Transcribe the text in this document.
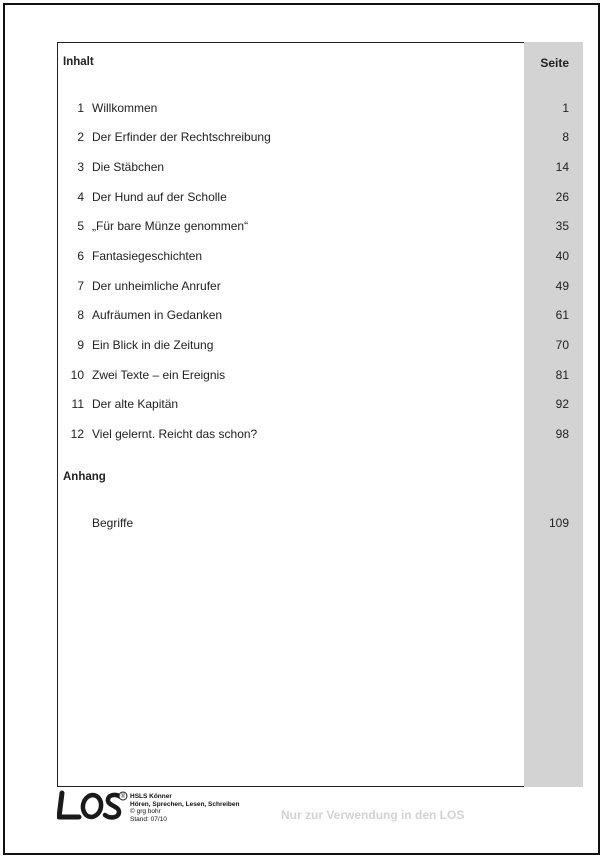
Inhalt	Seite
1 Willkommen	1
2 Der Erfinder der Rechtschreibung	8
3 Die Stäbchen	14
4 Der Hund auf der Scholle	26
5 „Für bare Münze genommen“	35
6 Fantasiegeschichten	40
7 Der unheimliche Anrufer	49
8 Aufräumen in Gedanken	61
9 Ein Blick in die Zeitung	70
10 Zwei Texte – ein Ereignis	81
11 Der alte Kapitän	92
12 Viel gelernt. Reicht das schon?	98
Anhang
Begriffe	109
® HSLS Könner
Hören, Sprechen, Lesen, Schreiben
© grg bohr
Stand: 07/10	Nur zur Verwendung in den LOS
